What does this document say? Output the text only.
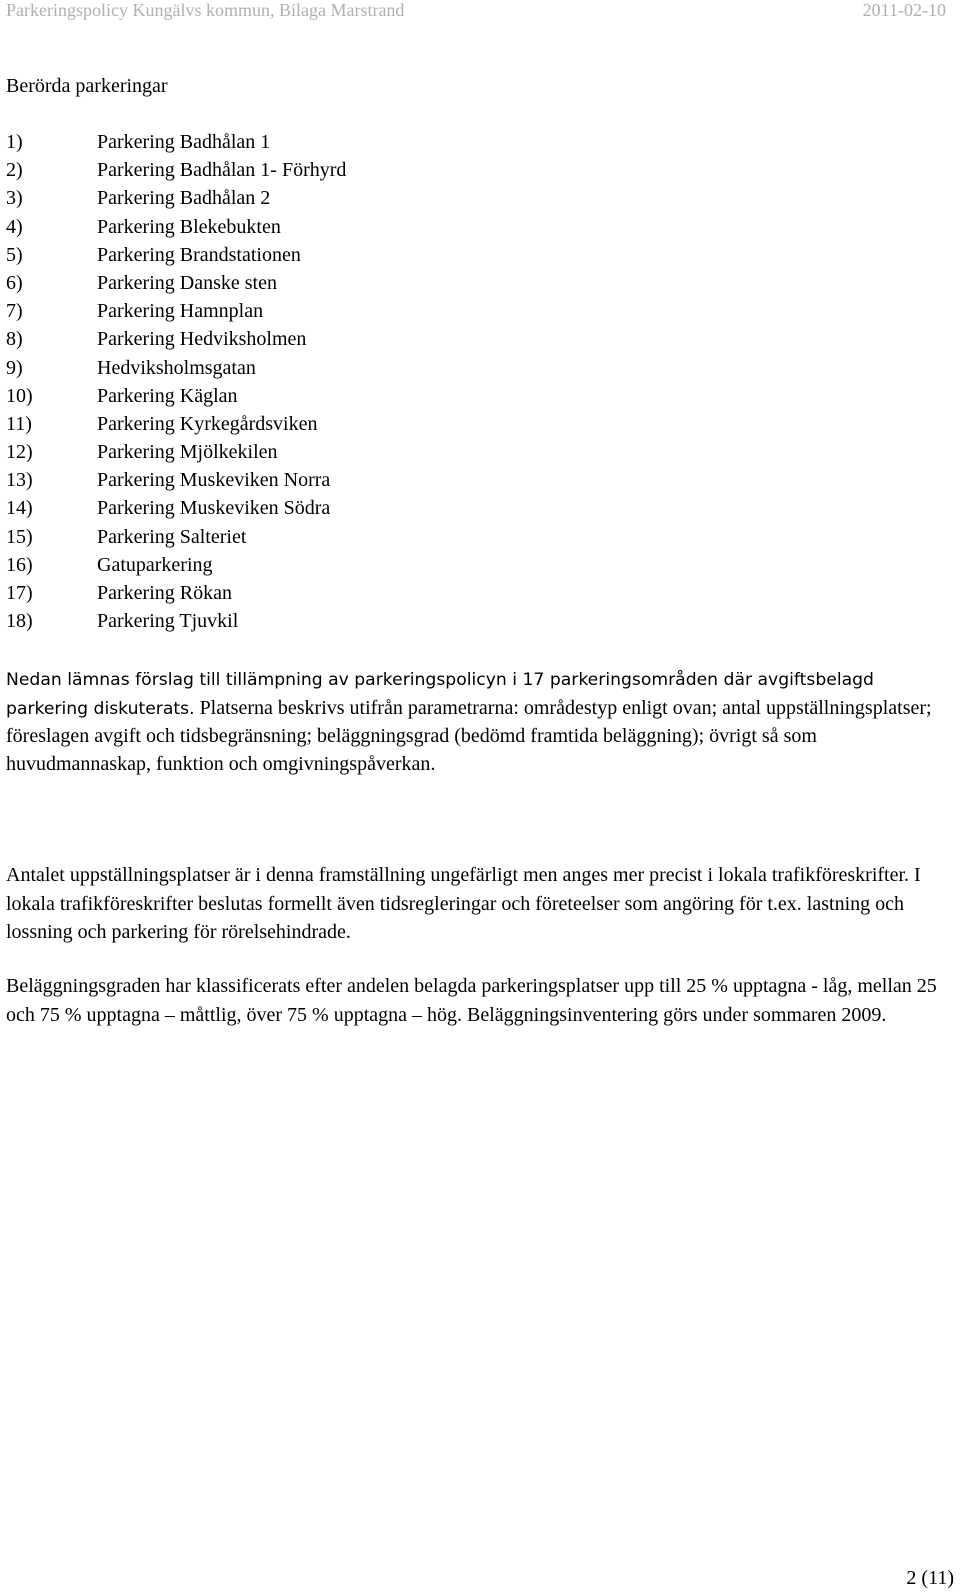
Parkeringspolicy Kungälvs kommun, Bilaga Marstrand	2011-02-10
Berörda parkeringar
1)	Parkering Badhålan 1
2)	Parkering Badhålan 1- Förhyrd
3)	Parkering Badhålan 2
4)	Parkering Blekebukten
5)	Parkering Brandstationen
6)	Parkering Danske sten
7)	Parkering Hamnplan
8)	Parkering Hedviksholmen
9)	Hedviksholmsgatan
10)	Parkering Käglan
11)	Parkering Kyrkegårdsviken
12)	Parkering Mjölkekilen
13)	Parkering Muskeviken Norra
14)	Parkering Muskeviken Södra
15)	Parkering Salteriet
16)	Gatuparkering
17)	Parkering Rökan
18)	Parkering Tjuvkil

Nedan lämnas förslag till tillämpning av parkeringspolicyn i 17 parkeringsområden där avgiftsbelagd parkering diskuterats. Platserna beskrivs utifrån parametrarna: områdestyp enligt ovan; antal uppställningsplatser; föreslagen avgift och tidsbegränsning; beläggningsgrad (bedömd framtida beläggning); övrigt så som huvudmannaskap, funktion och omgivningspåverkan.

Antalet uppställningsplatser är i denna framställning ungefärligt men anges mer precist i lokala trafikföreskrifter. I lokala trafikföreskrifter beslutas formellt även tidsregleringar och företeelser som angöring för t.ex. lastning och lossning och parkering för rörelsehindrade.

Beläggningsgraden har klassificerats efter andelen belagda parkeringsplatser upp till 25 % upptagna - låg, mellan 25 och 75 % upptagna – måttlig, över 75 % upptagna – hög. Beläggningsinventering görs under sommaren 2009.

2 (11)
